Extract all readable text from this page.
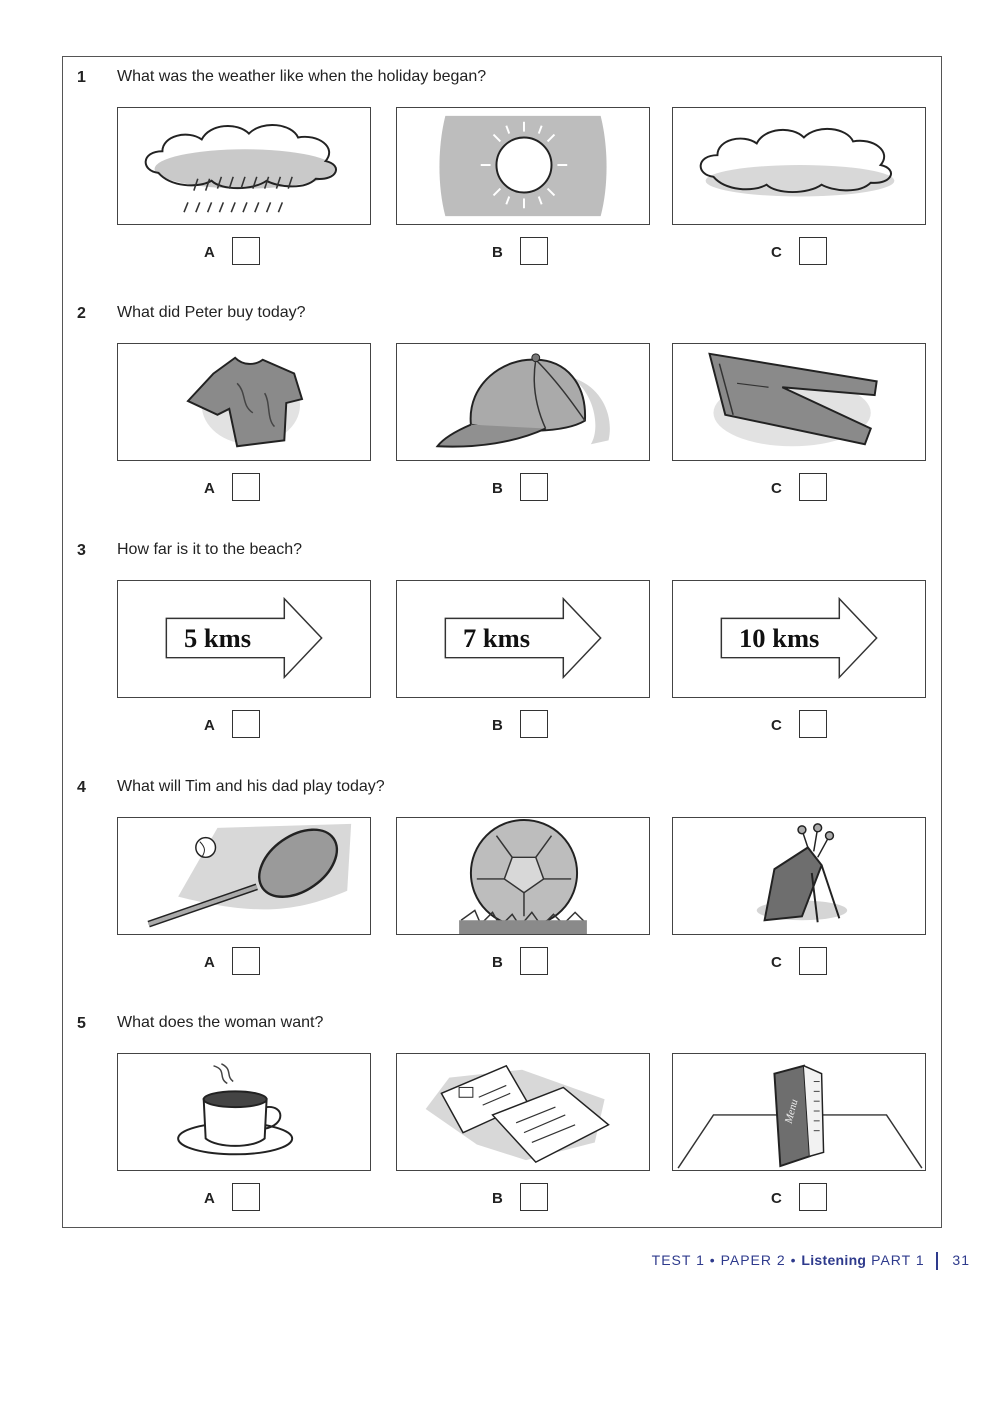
1 What was the weather like when the holiday began?
A	B	C
2 What did Peter buy today?
A	B	C
3 How far is it to the beach?
5 kms	7 kms	10 kms
A	B	C
4 What will Tim and his dad play today?
A	B	C
5 What does the woman want?
Menu
A	B	C
TEST 1 • PAPER 2 • Listening PART 1 31
